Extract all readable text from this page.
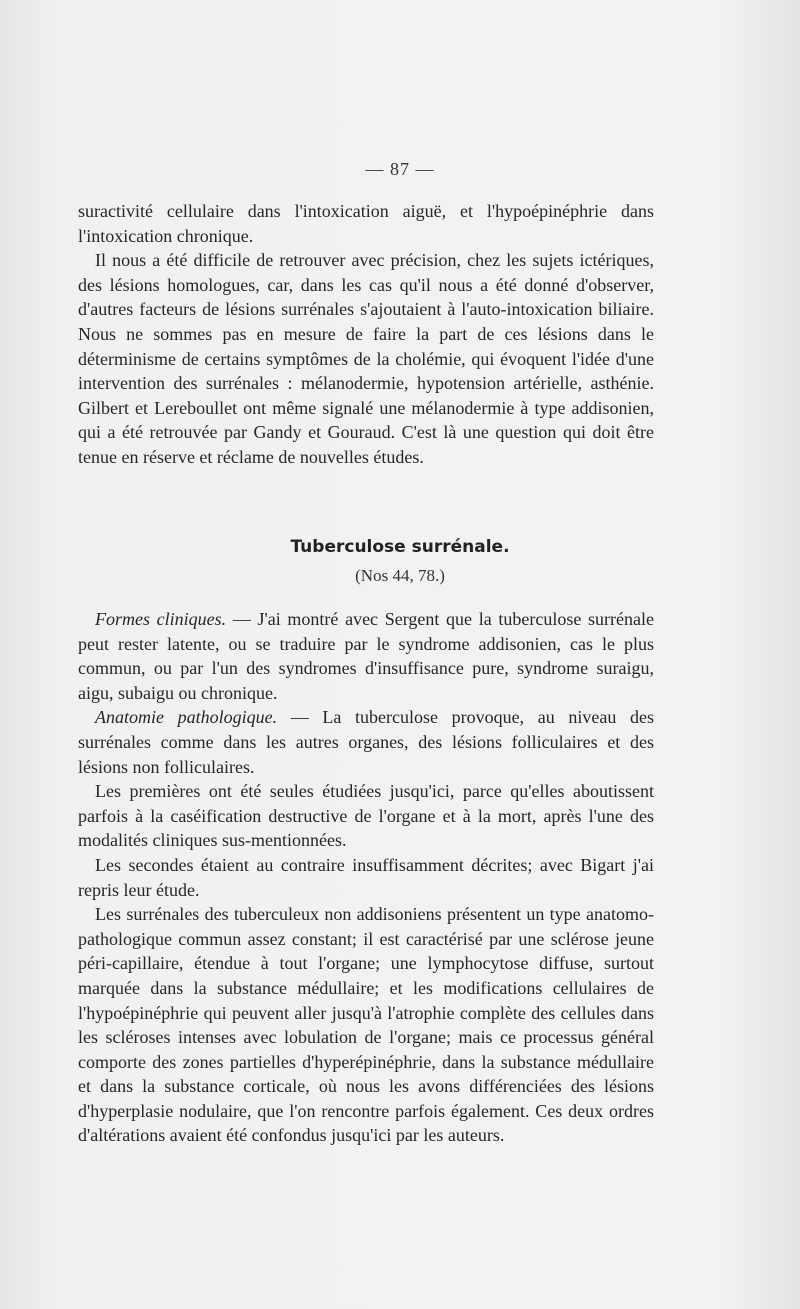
— 87 —

suractivité cellulaire dans l'intoxication aiguë, et l'hypoépinéphrie dans l'intoxication chronique.

Il nous a été difficile de retrouver avec précision, chez les sujets ictériques, des lésions homologues, car, dans les cas qu'il nous a été donné d'observer, d'autres facteurs de lésions surrénales s'ajoutaient à l'auto-intoxication biliaire. Nous ne sommes pas en mesure de faire la part de ces lésions dans le déterminisme de certains symptômes de la cholémie, qui évoquent l'idée d'une intervention des surrénales : mélanodermie, hypotension artérielle, asthénie. Gilbert et Lereboullet ont même signalé une mélanodermie à type addisonien, qui a été retrouvée par Gandy et Gouraud. C'est là une question qui doit être tenue en réserve et réclame de nouvelles études.

Tuberculose surrénale.
(Nos 44, 78.)

Formes cliniques. — J'ai montré avec Sergent que la tuberculose surrénale peut rester latente, ou se traduire par le syndrome addisonien, cas le plus commun, ou par l'un des syndromes d'insuffisance pure, syndrome suraigu, aigu, subaigu ou chronique.

Anatomie pathologique. — La tuberculose provoque, au niveau des surrénales comme dans les autres organes, des lésions folliculaires et des lésions non folliculaires.

Les premières ont été seules étudiées jusqu'ici, parce qu'elles aboutissent parfois à la caséification destructive de l'organe et à la mort, après l'une des modalités cliniques sus-mentionnées.

Les secondes étaient au contraire insuffisamment décrites; avec Bigart j'ai repris leur étude.

Les surrénales des tuberculeux non addisoniens présentent un type anatomo-pathologique commun assez constant; il est caractérisé par une sclérose jeune péri-capillaire, étendue à tout l'organe; une lymphocytose diffuse, surtout marquée dans la substance médullaire; et les modifications cellulaires de l'hypoépinéphrie qui peuvent aller jusqu'à l'atrophie complète des cellules dans les scléroses intenses avec lobulation de l'organe; mais ce processus général comporte des zones partielles d'hyperépinéphrie, dans la substance médullaire et dans la substance corticale, où nous les avons différenciées des lésions d'hyperplasie nodulaire, que l'on rencontre parfois également. Ces deux ordres d'altérations avaient été confondus jusqu'ici par les auteurs.
